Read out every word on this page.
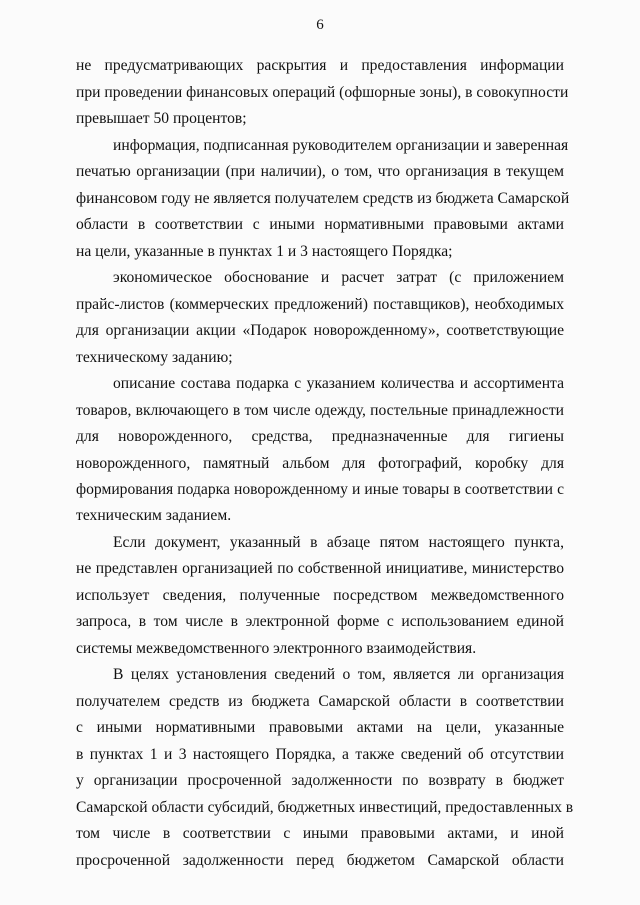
6
не предусматривающих раскрытия и предоставления информации
при проведении финансовых операций (офшорные зоны), в совокупности
превышает 50 процентов;
информация, подписанная руководителем организации и заверенная
печатью организации (при наличии), о том, что организация в текущем
финансовом году не является получателем средств из бюджета Самарской
области в соответствии с иными нормативными правовыми актами
на цели, указанные в пунктах 1 и 3 настоящего Порядка;
экономическое обоснование и расчет затрат (с приложением
прайс-листов (коммерческих предложений) поставщиков), необходимых
для организации акции «Подарок новорожденному», соответствующие
техническому заданию;
описание состава подарка с указанием количества и ассортимента
товаров, включающего в том числе одежду, постельные принадлежности
для новорожденного, средства, предназначенные для гигиены
новорожденного, памятный альбом для фотографий, коробку для
формирования подарка новорожденному и иные товары в соответствии с
техническим заданием.
Если документ, указанный в абзаце пятом настоящего пункта,
не представлен организацией по собственной инициативе, министерство
использует сведения, полученные посредством межведомственного
запроса, в том числе в электронной форме с использованием единой
системы межведомственного электронного взаимодействия.
В целях установления сведений о том, является ли организация
получателем средств из бюджета Самарской области в соответствии
с иными нормативными правовыми актами на цели, указанные
в пунктах 1 и 3 настоящего Порядка, а также сведений об отсутствии
у организации просроченной задолженности по возврату в бюджет
Самарской области субсидий, бюджетных инвестиций, предоставленных в
том числе в соответствии с иными правовыми актами, и иной
просроченной задолженности перед бюджетом Самарской области
